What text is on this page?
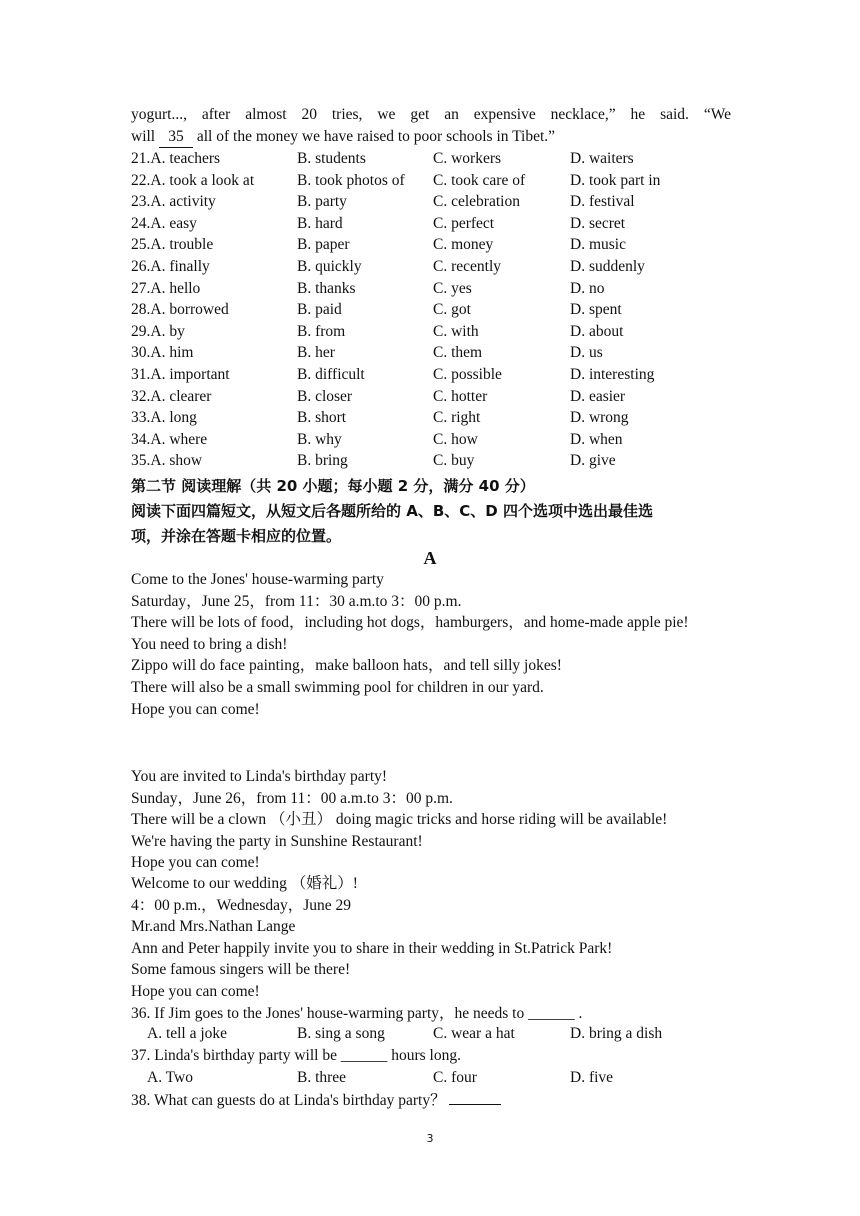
yogurt..., after almost 20 tries, we get an expensive necklace,” he said. “We
will 35 all of the money we have raised to poor schools in Tibet.”
21.A. teachers	B. students	C. workers	D. waiters
22.A. took a look at	B. took photos of C. took care of	D. took part in
23.A. activity	B. party	C. celebration	D. festival
24.A. easy	B. hard	C. perfect	D. secret
25.A. trouble	B. paper	C. money	D. music
26.A. finally	B. quickly	C. recently	D. suddenly
27.A. hello	B. thanks	C. yes	D. no
28.A. borrowed	B. paid	C. got	D. spent
29.A. by	B. from	C. with	D. about
30.A. him	B. her	C. them	D. us
31.A. important	B. difficult	C. possible	D. interesting
32.A. clearer	B. closer	C. hotter	D. easier
33.A. long	B. short	C. right	D. wrong
34.A. where	B. why	C. how	D. when
35.A. show	B. bring	C. buy	D. give
第二节 阅读理解（共 20 小题；每小题 2 分，满分 40 分）
阅读下面四篇短文，从短文后各题所给的 A、B、C、D 四个选项中选出最佳选
项，并涂在答题卡相应的位置。
A
Come to the Jones' house-warming party
Saturday，June 25，from 11：30 a.m.to 3：00 p.m.
There will be lots of food，including hot dogs，hamburgers，and home-made apple pie!
You need to bring a dish!
Zippo will do face painting，make balloon hats，and tell silly jokes!
There will also be a small swimming pool for children in our yard.
Hope you can come!
You are invited to Linda's birthday party!
Sunday，June 26，from 11：00 a.m.to 3：00 p.m.
There will be a clown （小丑） doing magic tricks and horse riding will be available!
We're having the party in Sunshine Restaurant!
Hope you can come!
Welcome to our wedding （婚礼）!
4：00 p.m.，Wednesday，June 29
Mr.and Mrs.Nathan Lange
Ann and Peter happily invite you to share in their wedding in St.Patrick Park!
Some famous singers will be there!
Hope you can come!
36. If Jim goes to the Jones' house-warming party，he needs to ______ .
A. tell a joke	B. sing a song	C. wear a hat	D. bring a dish
37. Linda's birthday party will be ______ hours long.
A. Two	B. three	C. four	D. five
38. What can guests do at Linda's birthday party？
3
